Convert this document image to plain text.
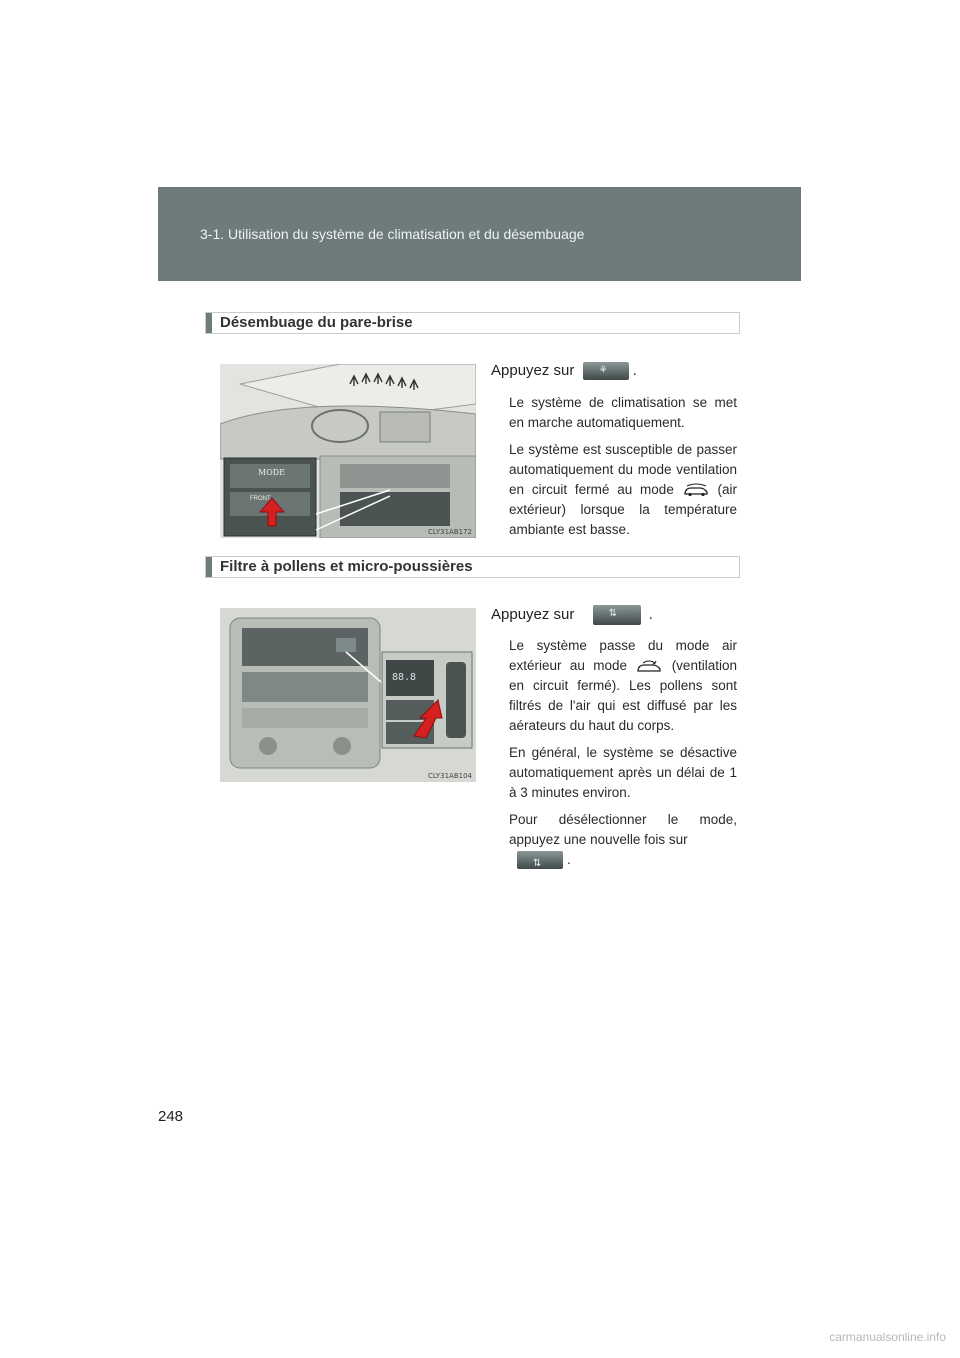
3-1. Utilisation du système de climatisation et du désembuage
Désembuage du pare-brise
MODE
FRONT
CLY31AB172
Appuyez sur ⚘ .

Le système de climatisation se met en marche automatiquement.

Le système est susceptible de passer automatiquement du mode ventilation en circuit fermé au mode	(air extérieur) lorsque la température ambiante est basse.

Filtre à pollens et micro-poussières
88.8
CLY31AB104
Appuyez sur	⇅ .

Le système passe du mode air extérieur au mode	(ventilation en circuit fermé). Les pollens sont filtrés de l'air qui est diffusé par les aérateurs du haut du corps.

En général, le système se désactive automatiquement après un délai de 1 à 3 minutes environ.

Pour désélectionner le mode, appuyez une nouvelle fois sur

⇅ .

248
carmanualsonline.info
